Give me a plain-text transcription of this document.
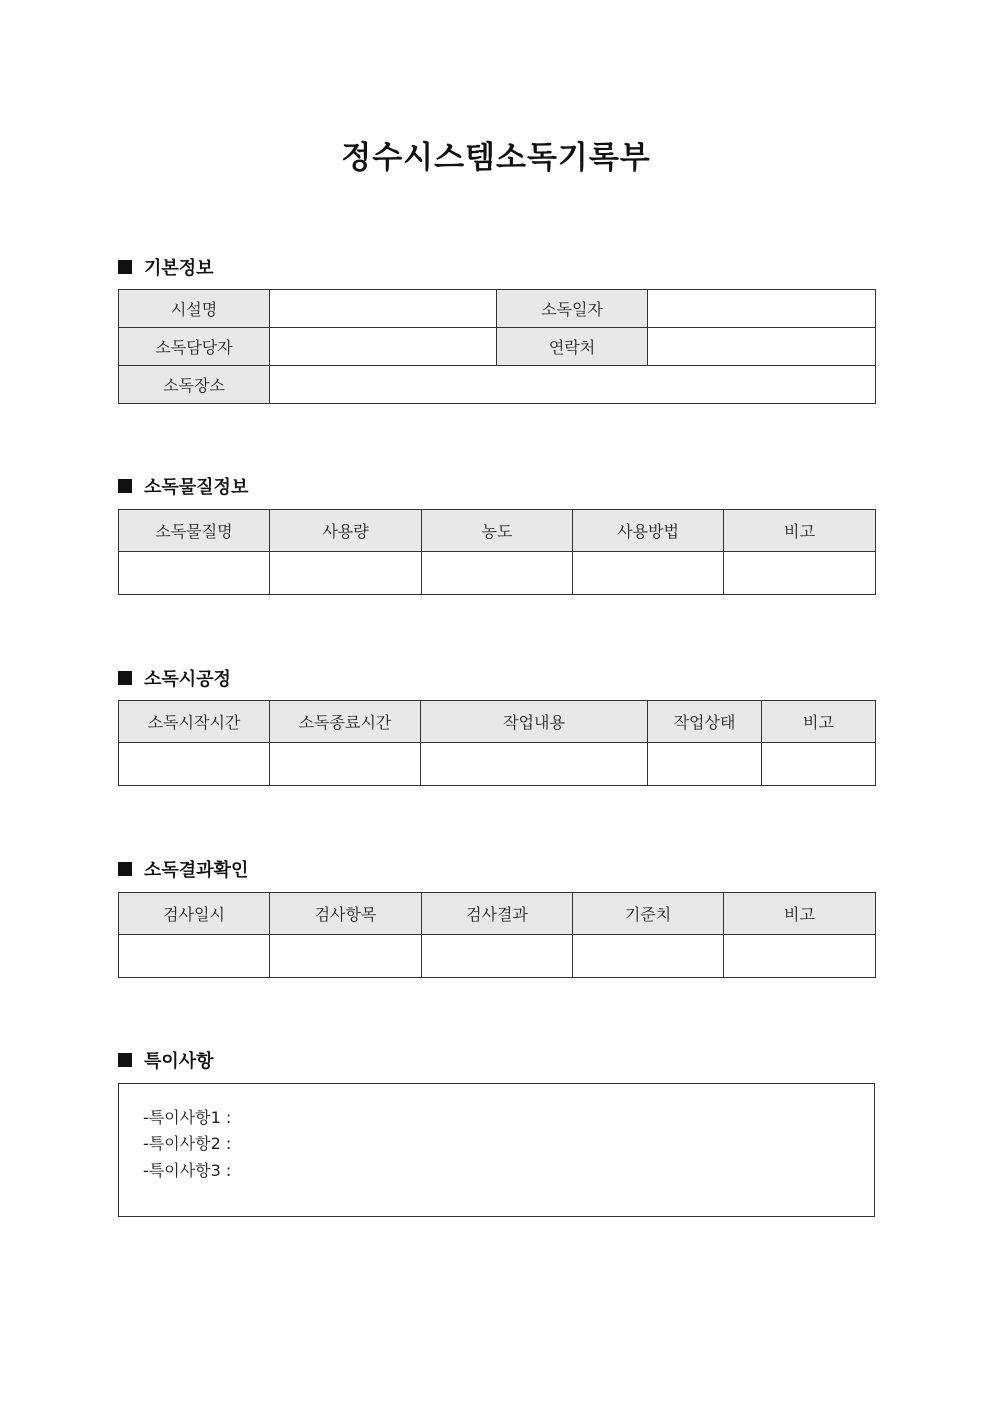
정수시스템소독기록부
기본정보
시설명		소독일자	
소독담당자		연락처	
소독장소			
소독물질정보
소독물질명	사용량	농도	사용방법	비고

소독시공정
소독시작시간	소독종료시간	작업내용	작업상태	비고

소독결과확인
검사일시	검사항목	검사결과	기준치	비고

특이사항
-특이사항1 :
-특이사항2 :
-특이사항3 :
